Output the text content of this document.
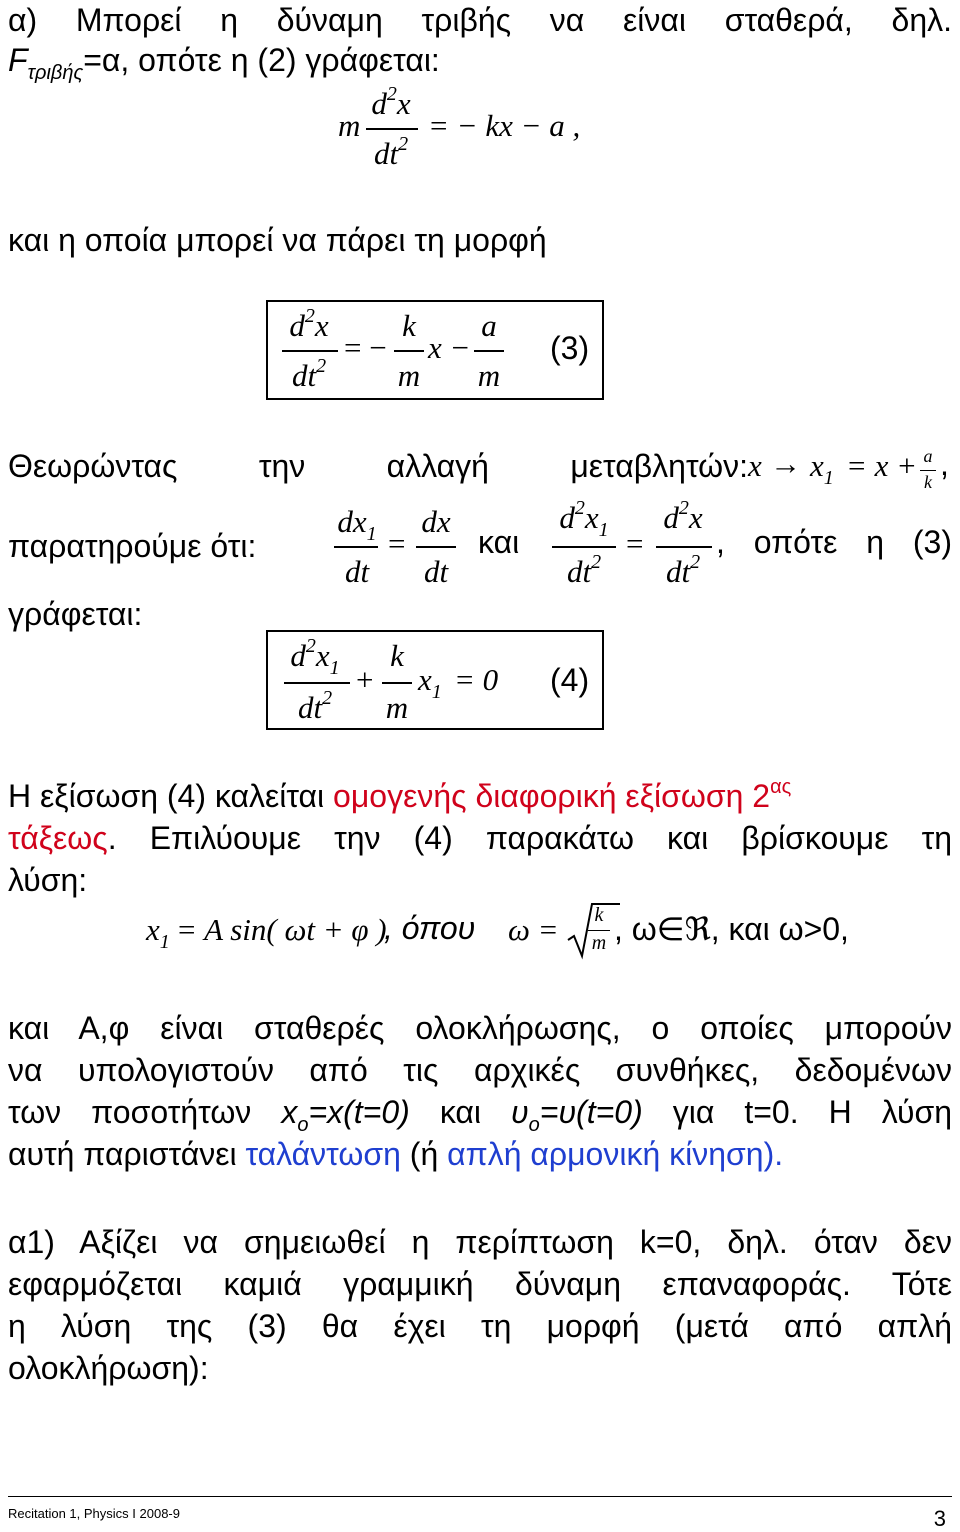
α) Μπορεί η δύναμη τριβής να είναι σταθερά, δηλ.
$F_{\tau\rho\iota\beta ή\varsigma}=\alpha$, οπότε η (2) γράφεται:
m
$d^2x$
$dt^2$
= − kx − a ,
και η οποία μπορεί να πάρει τη μορφή
$d^2x$
$dt^2$
= −
k
m
x −
a
m
(3)
Θεωρώντας την αλλαγή μεταβλητών: $x \to x_1 = x + a$
k ,
παρατηρούμε ότι:
$dx_1$
dt
=
dx
dt
και
$d^2x_1$
$dt^2$
=
$d^2x$
$dt^2$
, οπότε η (3)
γράφεται:
$d^2x_1$
$dt^2$
+
k
m
$x_1 = 0$ (4)
Η εξίσωση (4) καλείται ομογενής διαφορική εξίσωση $2^{\alpha\varsigma}$
τάξεως. Επιλύουμε την (4) παρακάτω και βρίσκουμε τη
λύση:
$x_1 = A$ sin( ωt + φ )
, όπου ω =	k
m , ω∈ℜ, και ω>0,
και Α,φ είναι σταθερές ολοκλήρωσης, ο οποίες μπορούν
να υπολογιστούν από τις αρχικές συνθήκες, δεδομένων
των ποσοτήτων $x_o=x(t=0)$ και $\upsilon_o=\upsilon(t=0)$ για t=0. Η λύση
αυτή παριστάνει ταλάντωση (ή απλή αρμονική κίνηση).
α1) Αξίζει να σημειωθεί η περίπτωση k=0, δηλ. όταν δεν
εφαρμόζεται καμιά γραμμική δύναμη επαναφοράς. Τότε
η λύση της (3) θα έχει τη μορφή (μετά από απλή
ολοκλήρωση):
Recitation 1, Physics I 2008-9	3
